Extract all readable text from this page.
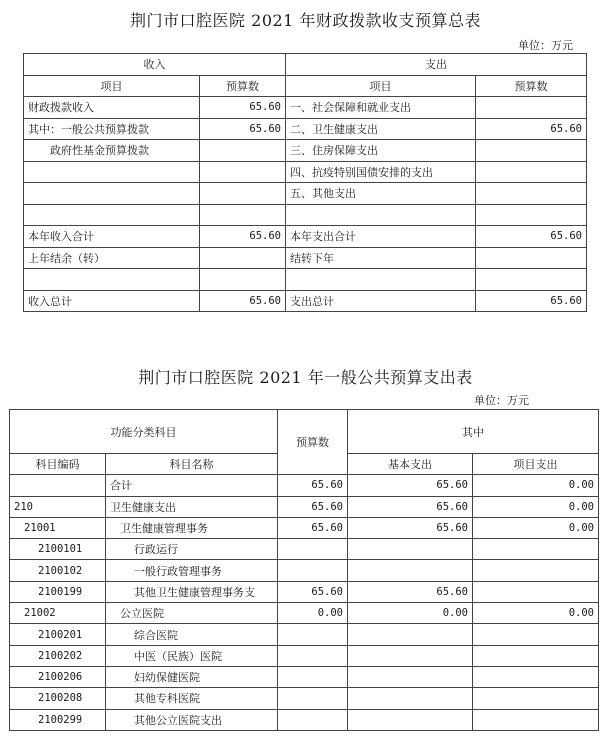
荆门市口腔医院 2021 年财政拨款收支预算总表
单位：万元
收入		支出	
项目	预算数	项目	预算数
财政拨款收入	65.60	一、社会保障和就业支出	
其中：一般公共预算拨款	65.60	二、卫生健康支出	65.60
　　政府性基金预算拨款		三、住房保障支出	
		四、抗疫特别国债安排的支出	
		五、其他支出	

本年收入合计	65.60	本年支出合计	65.60
上年结余（转）		结转下年	

收入总计	65.60	支出总计	65.60
荆门市口腔医院 2021 年一般公共预算支出表
单位：万元
功能分类科目		预算数	其中	
科目编码	科目名称		基本支出	项目支出
	合计	65.60	65.60	0.00
210	卫生健康支出	65.60	65.60	0.00
21001	卫生健康管理事务	65.60	65.60	0.00
2100101	行政运行			
2100102	一般行政管理事务			
2100199	其他卫生健康管理事务支	65.60	65.60	
21002	公立医院	0.00	0.00	0.00
2100201	综合医院			
2100202	中医（民族）医院			
2100206	妇幼保健医院			
2100208	其他专科医院			
2100299	其他公立医院支出			
